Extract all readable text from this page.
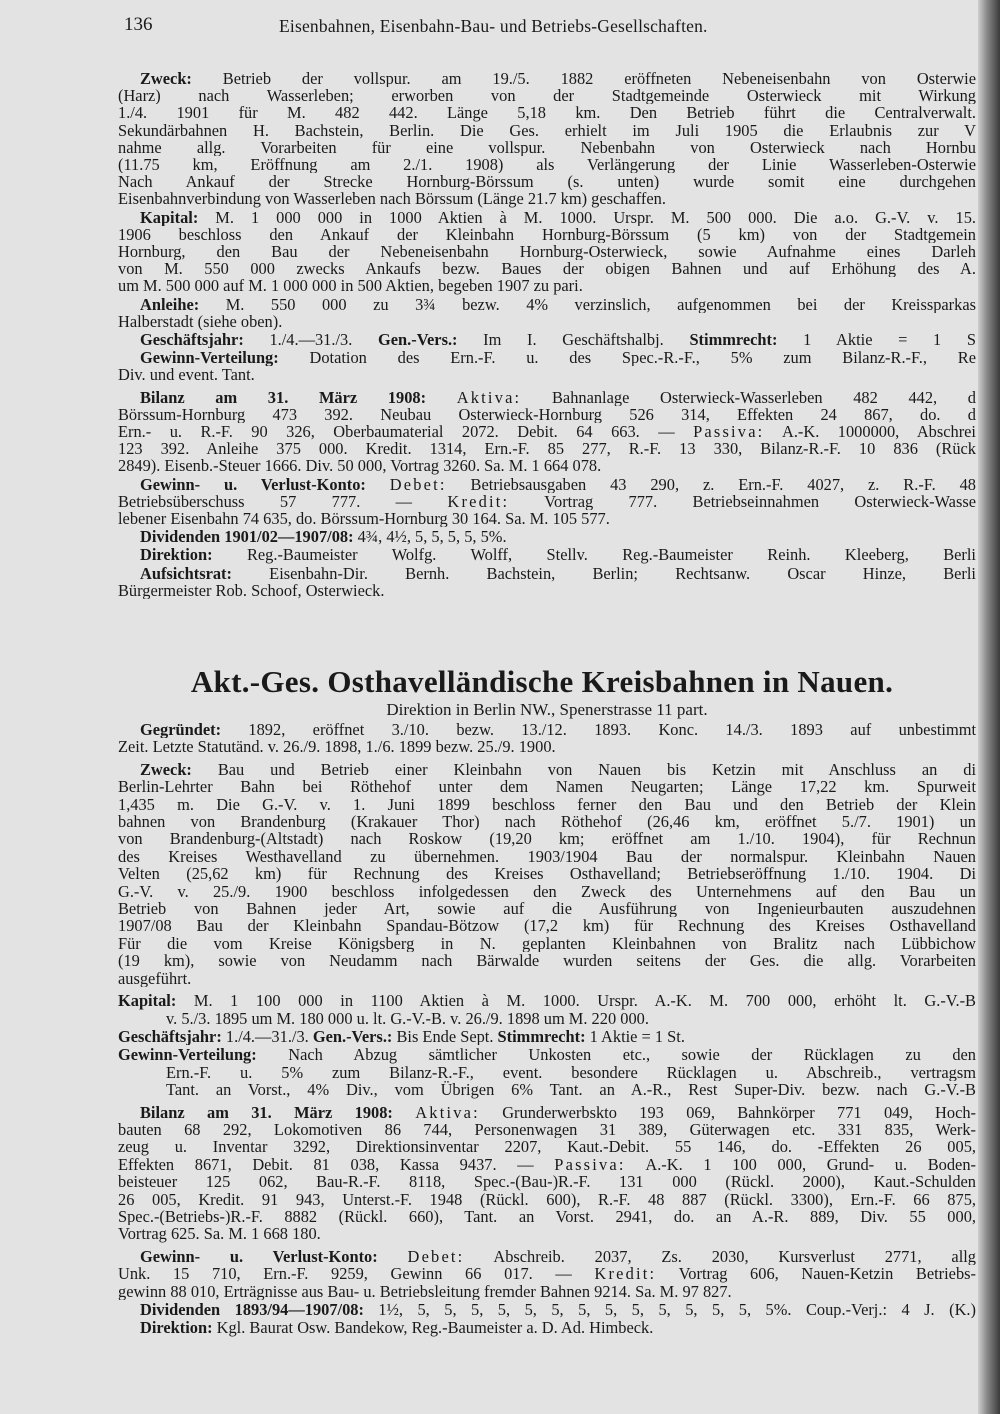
136	Eisenbahnen, Eisenbahn-Bau- und Betriebs-Gesellschaften.
Zweck: Betrieb der vollspur. am 19./5. 1882 eröffneten Nebeneisenbahn von Osterwie
(Harz) nach Wasserleben; erworben von der Stadtgemeinde Osterwieck mit Wirkung
1./4. 1901 für M. 482 442. Länge 5,18 km. Den Betrieb führt die Centralverwalt.
Sekundärbahnen H. Bachstein, Berlin. Die Ges. erhielt im Juli 1905 die Erlaubnis zur V
nahme allg. Vorarbeiten für eine vollspur. Nebenbahn von Osterwieck nach Hornbu
(11.75 km, Eröffnung am 2./1. 1908) als Verlängerung der Linie Wasserleben-Osterwie
Nach Ankauf der Strecke Hornburg-Börssum (s. unten) wurde somit eine durchgehen
Eisenbahnverbindung von Wasserleben nach Börssum (Länge 21.7 km) geschaffen.
Kapital: M. 1 000 000 in 1000 Aktien à M. 1000. Urspr. M. 500 000. Die a.o. G.-V. v. 15.
1906 beschloss den Ankauf der Kleinbahn Hornburg-Börssum (5 km) von der Stadtgemein
Hornburg, den Bau der Nebeneisenbahn Hornburg-Osterwieck, sowie Aufnahme eines Darleh
von M. 550 000 zwecks Ankaufs bezw. Baues der obigen Bahnen und auf Erhöhung des A.
um M. 500 000 auf M. 1 000 000 in 500 Aktien, begeben 1907 zu pari.
Anleihe: M. 550 000 zu 3¾ bezw. 4% verzinslich, aufgenommen bei der Kreissparkas
Halberstadt (siehe oben).
Geschäftsjahr: 1./4.—31./3. Gen.-Vers.: Im I. Geschäftshalbj. Stimmrecht: 1 Aktie = 1 S
Gewinn-Verteilung: Dotation des Ern.-F. u. des Spec.-R.-F., 5% zum Bilanz-R.-F., Re
Div. und event. Tant.
Bilanz am 31. März 1908: Aktiva: Bahnanlage Osterwieck-Wasserleben 482 442, d
Börssum-Hornburg 473 392. Neubau Osterwieck-Hornburg 526 314, Effekten 24 867, do. d
Ern.- u. R.-F. 90 326, Oberbaumaterial 2072. Debit. 64 663. — Passiva: A.-K. 1000000, Abschrei
123 392. Anleihe 375 000. Kredit. 1314, Ern.-F. 85 277, R.-F. 13 330, Bilanz-R.-F. 10 836 (Rück
2849). Eisenb.-Steuer 1666. Div. 50 000, Vortrag 3260. Sa. M. 1 664 078.
Gewinn- u. Verlust-Konto: Debet: Betriebsausgaben 43 290, z. Ern.-F. 4027, z. R.-F. 48
Betriebsüberschuss 57 777. — Kredit: Vortrag 777. Betriebseinnahmen Osterwieck-Wasse
lebener Eisenbahn 74 635, do. Börssum-Hornburg 30 164. Sa. M. 105 577.
Dividenden 1901/02—1907/08: 4¾, 4½, 5, 5, 5, 5, 5%.
Direktion: Reg.-Baumeister Wolfg. Wolff, Stellv. Reg.-Baumeister Reinh. Kleeberg, Berli
Aufsichtsrat: Eisenbahn-Dir. Bernh. Bachstein, Berlin; Rechtsanw. Oscar Hinze, Berli
Bürgermeister Rob. Schoof, Osterwieck.
Akt.-Ges. Osthavelländische Kreisbahnen in Nauen.
Direktion in Berlin NW., Spenerstrasse 11 part.
Gegründet: 1892, eröffnet 3./10. bezw. 13./12. 1893. Konc. 14./3. 1893 auf unbestimmt
Zeit. Letzte Statutänd. v. 26./9. 1898, 1./6. 1899 bezw. 25./9. 1900.
Zweck: Bau und Betrieb einer Kleinbahn von Nauen bis Ketzin mit Anschluss an di
Berlin-Lehrter Bahn bei Röthehof unter dem Namen Neugarten; Länge 17,22 km. Spurweit
1,435 m. Die G.-V. v. 1. Juni 1899 beschloss ferner den Bau und den Betrieb der Klein
bahnen von Brandenburg (Krakauer Thor) nach Röthehof (26,46 km, eröffnet 5./7. 1901) un
von Brandenburg-(Altstadt) nach Roskow (19,20 km; eröffnet am 1./10. 1904), für Rechnun
des Kreises Westhavelland zu übernehmen. 1903/1904 Bau der normalspur. Kleinbahn Nauen
Velten (25,62 km) für Rechnung des Kreises Osthavelland; Betriebseröffnung 1./10. 1904. Di
G.-V. v. 25./9. 1900 beschloss infolgedessen den Zweck des Unternehmens auf den Bau un
Betrieb von Bahnen jeder Art, sowie auf die Ausführung von Ingenieurbauten auszudehnen
1907/08 Bau der Kleinbahn Spandau-Bötzow (17,2 km) für Rechnung des Kreises Osthavelland
Für die vom Kreise Königsberg in N. geplanten Kleinbahnen von Bralitz nach Lübbichow
(19 km), sowie von Neudamm nach Bärwalde wurden seitens der Ges. die allg. Vorarbeiten
ausgeführt.
Kapital: M. 1 100 000 in 1100 Aktien à M. 1000. Urspr. A.-K. M. 700 000, erhöht lt. G.-V.-B
v. 5./3. 1895 um M. 180 000 u. lt. G.-V.-B. v. 26./9. 1898 um M. 220 000.
Geschäftsjahr: 1./4.—31./3. Gen.-Vers.: Bis Ende Sept. Stimmrecht: 1 Aktie = 1 St.
Gewinn-Verteilung: Nach Abzug sämtlicher Unkosten etc., sowie der Rücklagen zu den
Ern.-F. u. 5% zum Bilanz-R.-F., event. besondere Rücklagen u. Abschreib., vertragsm
Tant. an Vorst., 4% Div., vom Übrigen 6% Tant. an A.-R., Rest Super-Div. bezw. nach G.-V.-B
Bilanz am 31. März 1908: Aktiva: Grunderwerbskto 193 069, Bahnkörper 771 049, Hoch-
bauten 68 292, Lokomotiven 86 744, Personenwagen 31 389, Güterwagen etc. 331 835, Werk-
zeug u. Inventar 3292, Direktionsinventar 2207, Kaut.-Debit. 55 146, do. -Effekten 26 005,
Effekten 8671, Debit. 81 038, Kassa 9437. — Passiva: A.-K. 1 100 000, Grund- u. Boden-
beisteuer 125 062, Bau-R.-F. 8118, Spec.-(Bau-)R.-F. 131 000 (Rückl. 2000), Kaut.-Schulden
26 005, Kredit. 91 943, Unterst.-F. 1948 (Rückl. 600), R.-F. 48 887 (Rückl. 3300), Ern.-F. 66 875,
Spec.-(Betriebs-)R.-F. 8882 (Rückl. 660), Tant. an Vorst. 2941, do. an A.-R. 889, Div. 55 000,
Vortrag 625. Sa. M. 1 668 180.
Gewinn- u. Verlust-Konto: Debet: Abschreib. 2037, Zs. 2030, Kursverlust 2771, allg
Unk. 15 710, Ern.-F. 9259, Gewinn 66 017. — Kredit: Vortrag 606, Nauen-Ketzin Betriebs-
gewinn 88 010, Erträgnisse aus Bau- u. Betriebsleitung fremder Bahnen 9214. Sa. M. 97 827.
Dividenden 1893/94—1907/08: 1½, 5, 5, 5, 5, 5, 5, 5, 5, 5, 5, 5, 5, 5, 5%. Coup.-Verj.: 4 J. (K.)
Direktion: Kgl. Baurat Osw. Bandekow, Reg.-Baumeister a. D. Ad. Himbeck.
